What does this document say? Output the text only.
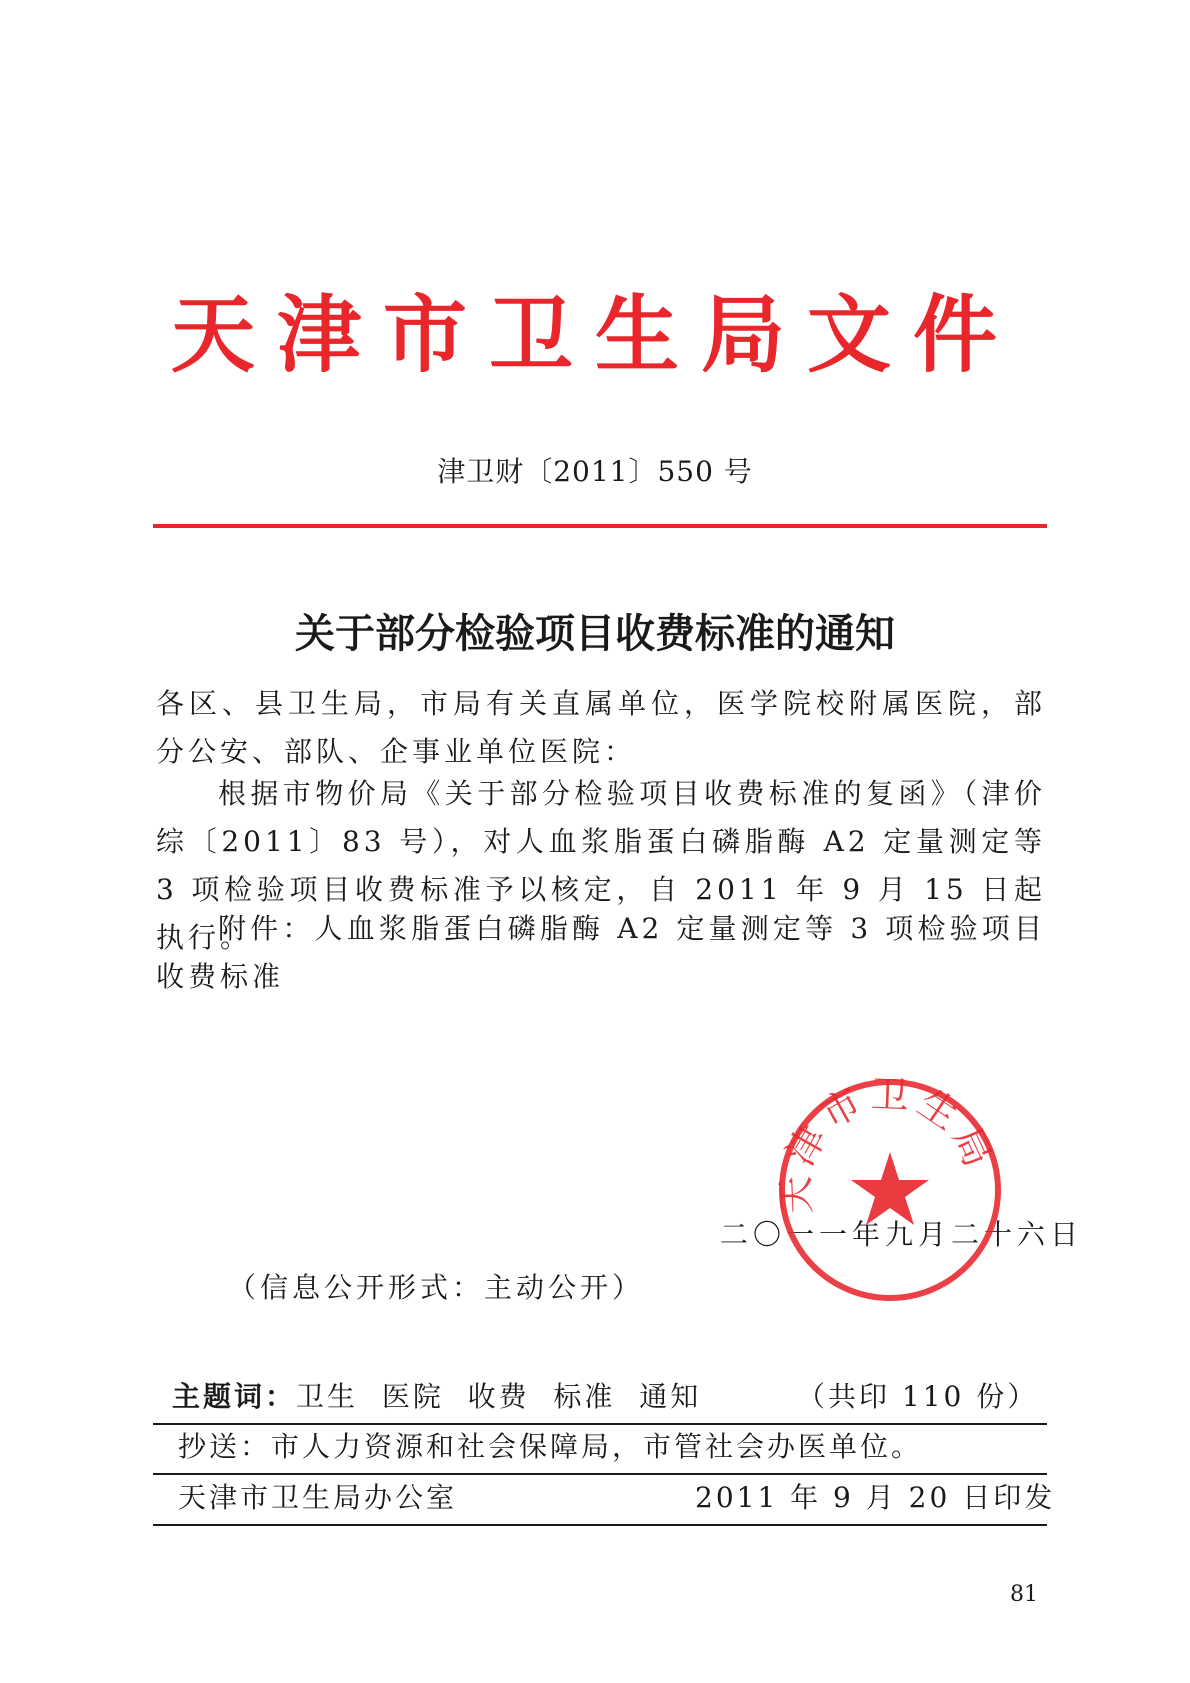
天津市卫生局文件
津卫财〔2011〕550 号
关于部分检验项目收费标准的通知
各区、县卫生局，市局有关直属单位，医学院校附属医院，部分公安、部队、企事业单位医院：
根据市物价局《关于部分检验项目收费标准的复函》（津价综〔2011〕83 号），对人血浆脂蛋白磷脂酶 A2 定量测定等 3 项检验项目收费标准予以核定，自 2011 年 9 月 15 日起执行。
附件：人血浆脂蛋白磷脂酶 A2 定量测定等 3 项检验项目收费标准
二〇一一年九月二十六日
天津市卫生局
（信息公开形式：主动公开）
主题词：卫生  医院  收费  标准  通知	（共印 110 份）
抄送：市人力资源和社会保障局，市管社会办医单位。
天津市卫生局办公室	2011 年 9 月 20 日印发
81
